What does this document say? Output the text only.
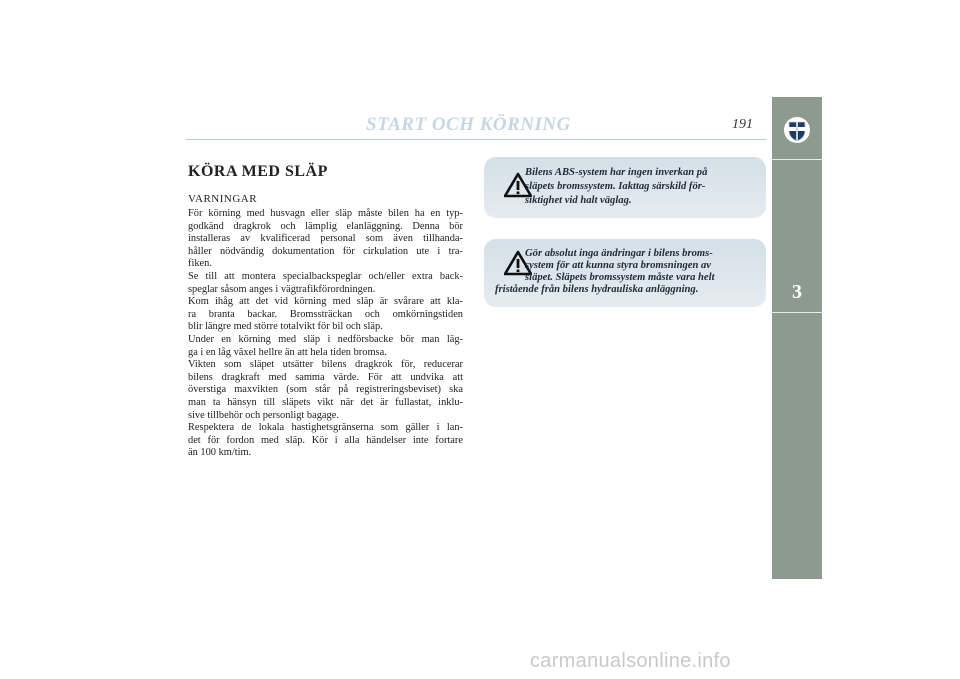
START OCH KÖRNING	191
3
KÖRA MED SLÄP
VARNINGAR
För körning med husvagn eller släp måste bilen ha en typ-
godkänd dragkrok och lämplig elanläggning. Denna bör
installeras av kvalificerad personal som även tillhanda-
håller nödvändig dokumentation för cirkulation ute i tra-
fiken.
Se till att montera specialbackspeglar och/eller extra back-
speglar såsom anges i vägtrafikförordningen.
Kom ihåg att det vid körning med släp är svårare att kla-
ra branta backar. Bromssträckan och omkörningstiden
blir längre med större totalvikt för bil och släp.
Under en körning med släp i nedförsbacke bör man läg-
ga i en låg växel hellre än att hela tiden bromsa.
Vikten som släpet utsätter bilens dragkrok för, reducerar
bilens dragkraft med samma värde. För att undvika att
överstiga maxvikten (som står på registreringsbeviset) ska
man ta hänsyn till släpets vikt när det är fullastat, inklu-
sive tillbehör och personligt bagage.
Respektera de lokala hastighetsgränserna som gäller i lan-
det för fordon med släp. Kör i alla händelser inte fortare
än 100 km/tim.
Bilens ABS-system har ingen inverkan på
släpets bromssystem. Iakttag särskild för-
siktighet vid halt väglag.
Gör absolut inga ändringar i bilens broms-
system för att kunna styra bromsningen av
släpet. Släpets bromssystem måste vara helt
fristående från bilens hydrauliska anläggning.
carmanualsonline.info
